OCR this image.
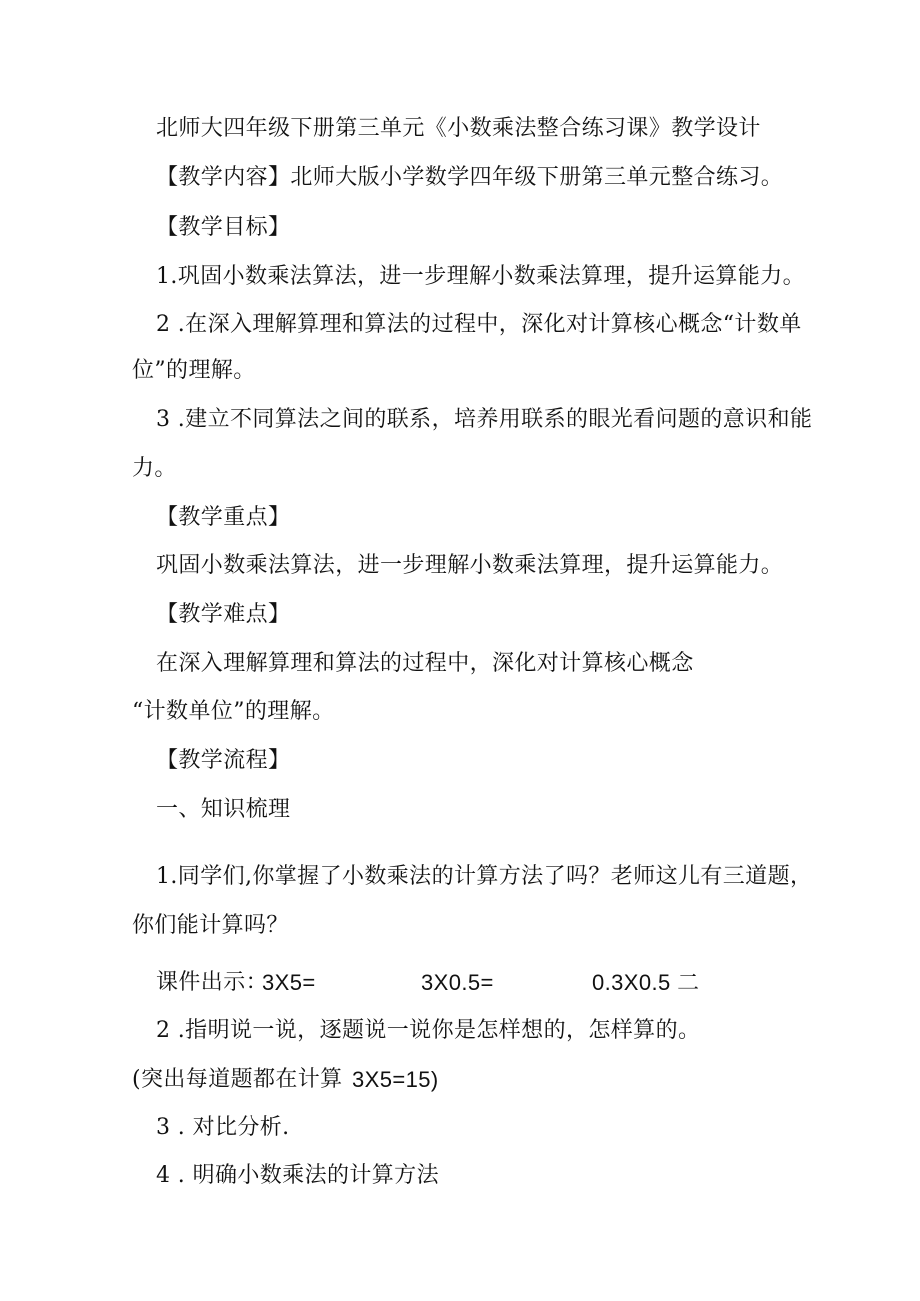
北师大四年级下册第三单元《小数乘法整合练习课》教学设计
【教学内容】北师大版小学数学四年级下册第三单元整合练习。
【教学目标】
1.巩固小数乘法算法，进一步理解小数乘法算理，提升运算能力。
2 .在深入理解算理和算法的过程中，深化对计算核心概念“计数单
位”的理解。
3 .建立不同算法之间的联系，培养用联系的眼光看问题的意识和能
力。
【教学重点】
巩固小数乘法算法，进一步理解小数乘法算理，提升运算能力。
【教学难点】
在深入理解算理和算法的过程中，深化对计算核心概念
“计数单位”的理解。
【教学流程】
一、知识梳理
1.同学们,你掌握了小数乘法的计算方法了吗？老师这儿有三道题，
你们能计算吗？
课件出示：
3X5=	3X0.5=	0.3X0.5 二
2 .指明说一说，逐题说一说你是怎样想的，怎样算的。
(突出每道题都在计算 3X5=15)
3 . 对比分析.
4 . 明确小数乘法的计算方法
